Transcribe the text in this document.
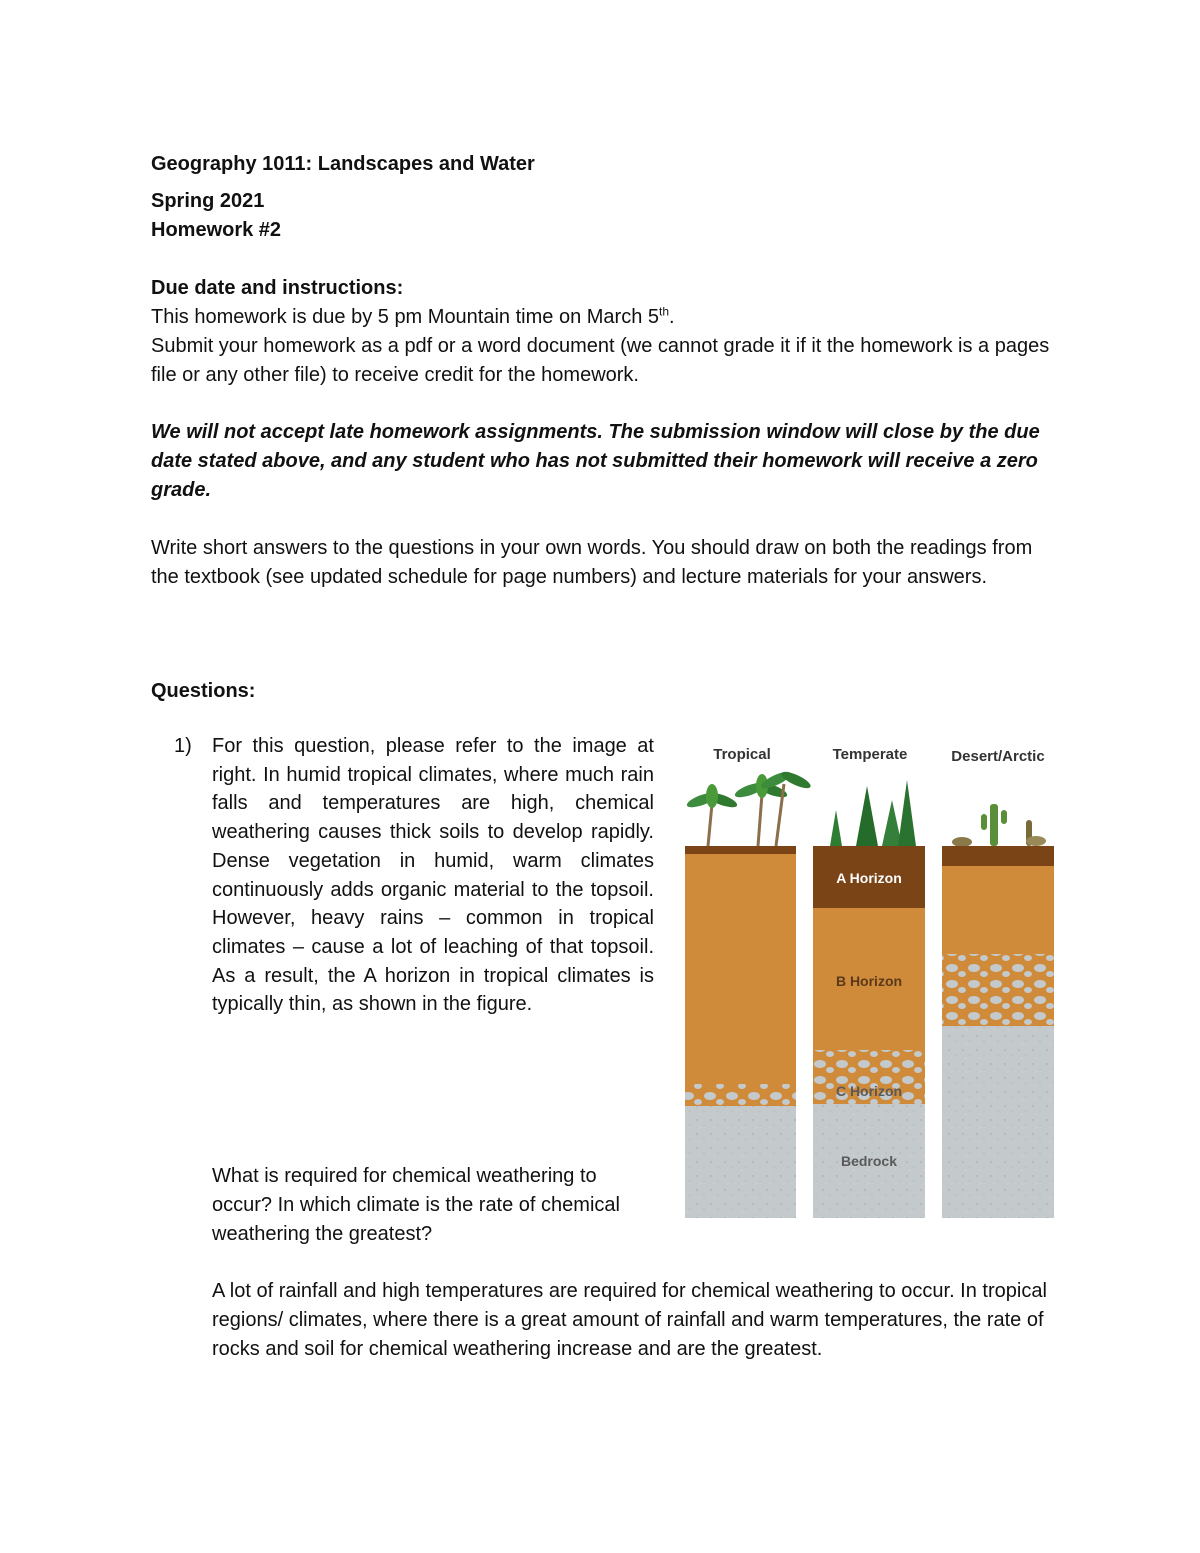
Geography 1011: Landscapes and Water
Spring 2021
Homework #2
Due date and instructions:
This homework is due by 5 pm Mountain time on March 5th.
Submit your homework as a pdf or a word document (we cannot grade it if it the homework is a pages file or any other file) to receive credit for the homework.
We will not accept late homework assignments. The submission window will close by the due date stated above, and any student who has not submitted their homework will receive a zero grade.
Write short answers to the questions in your own words. You should draw on both the readings from the textbook (see updated schedule for page numbers) and lecture materials for your answers.
Questions:
1) For this question, please refer to the image at right. In humid tropical climates, where much rain falls and temperatures are high, chemical weathering causes thick soils to develop rapidly. Dense vegetation in humid, warm climates continuously adds organic material to the topsoil. However, heavy rains – common in tropical climates – cause a lot of leaching of that topsoil. As a result, the A horizon in tropical climates is typically thin, as shown in the figure.
What is required for chemical weathering to occur? In which climate is the rate of chemical weathering the greatest?
A lot of rainfall and high temperatures are required for chemical weathering to occur. In tropical regions/ climates, where there is a great amount of rainfall and warm temperatures, the rate of rocks and soil for chemical weathering increase and are the greatest.
Tropical	Temperate	Desert/Arctic
A Horizon
B Horizon
C Horizon
Bedrock
